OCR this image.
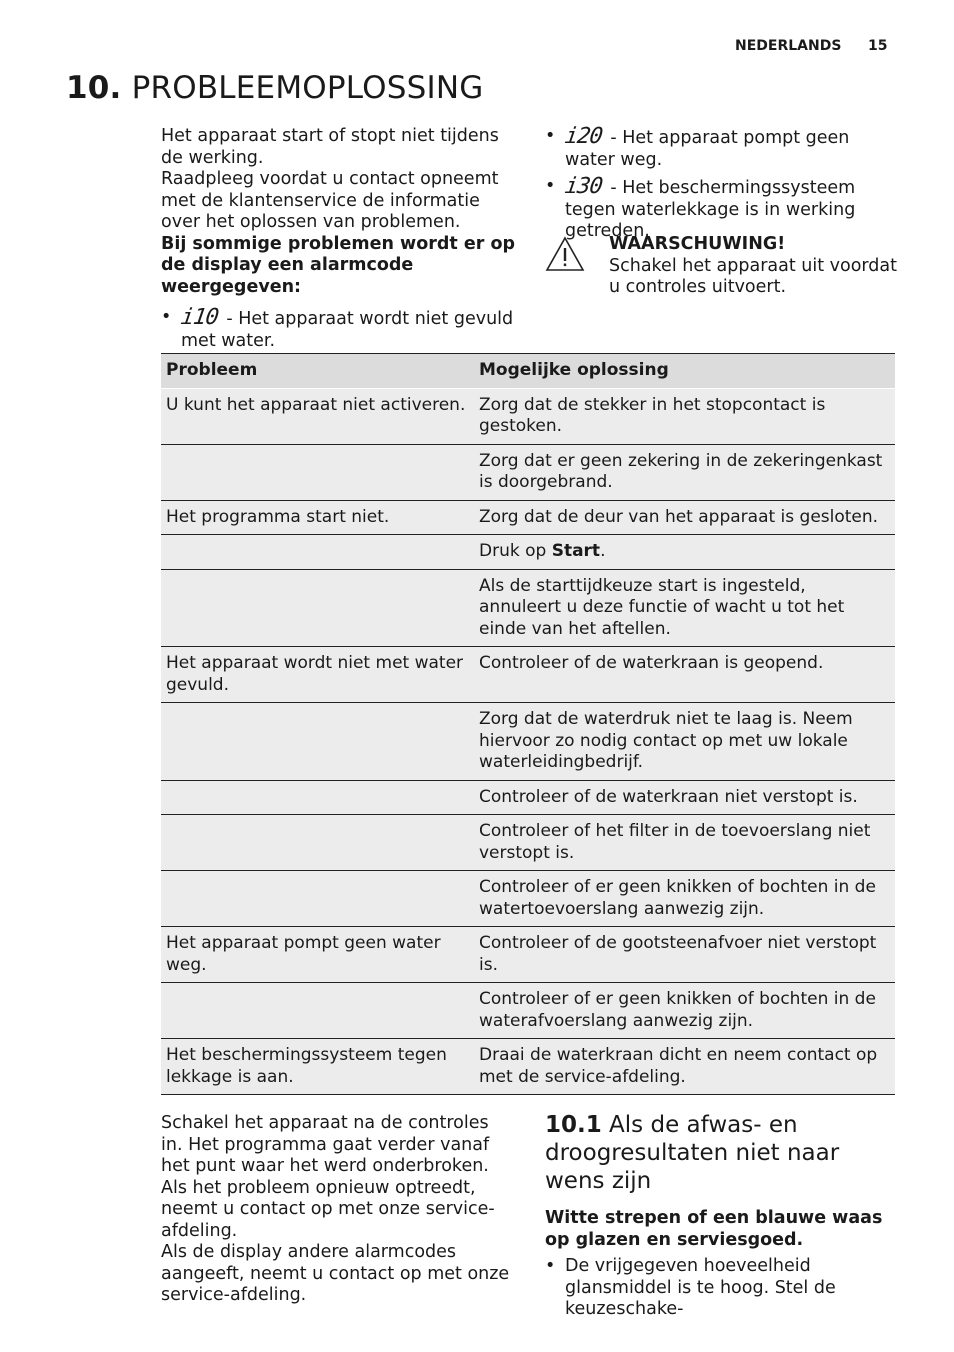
NEDERLANDS 15
10. PROBLEEMOPLOSSING
Het apparaat start of stopt niet tijdens de werking.
Raadpleeg voordat u contact opneemt met de klantenservice de informatie over het oplossen van problemen.
Bij sommige problemen wordt er op de display een alarmcode weergegeven:
• i10 - Het apparaat wordt niet gevuld met water.
• i20 - Het apparaat pompt geen water weg.
• i30 - Het beschermingssysteem tegen waterlekkage is in werking getreden.
WAARSCHUWING!
Schakel het apparaat uit voordat u controles uitvoert.
Probleem	Mogelijke oplossing
U kunt het apparaat niet activeren.	Zorg dat de stekker in het stopcontact is gestoken.
	Zorg dat er geen zekering in de zekeringenkast is doorgebrand.
Het programma start niet.	Zorg dat de deur van het apparaat is gesloten.
	Druk op Start.
	Als de starttijdkeuze start is ingesteld, annuleert u deze functie of wacht u tot het einde van het aftellen.
Het apparaat wordt niet met water gevuld.	Controleer of de waterkraan is geopend.
	Zorg dat de waterdruk niet te laag is. Neem hiervoor zo nodig contact op met uw lokale waterleidingbedrijf.
	Controleer of de waterkraan niet verstopt is.
	Controleer of het filter in de toevoerslang niet verstopt is.
	Controleer of er geen knikken of bochten in de watertoevoerslang aanwezig zijn.
Het apparaat pompt geen water weg.	Controleer of de gootsteenafvoer niet verstopt is.
	Controleer of er geen knikken of bochten in de waterafvoerslang aanwezig zijn.
Het beschermingssysteem tegen lekkage is aan.	Draai de waterkraan dicht en neem contact op met de service-afdeling.
Schakel het apparaat na de controles in. Het programma gaat verder vanaf het punt waar het werd onderbroken.
Als het probleem opnieuw optreedt, neemt u contact op met onze service-afdeling.
Als de display andere alarmcodes aangeeft, neemt u contact op met onze service-afdeling.
10.1 Als de afwas- en droogresultaten niet naar wens zijn
Witte strepen of een blauwe waas op glazen en serviesgoed.
• De vrijgegeven hoeveelheid glansmiddel is te hoog. Stel de keuzeschake-
